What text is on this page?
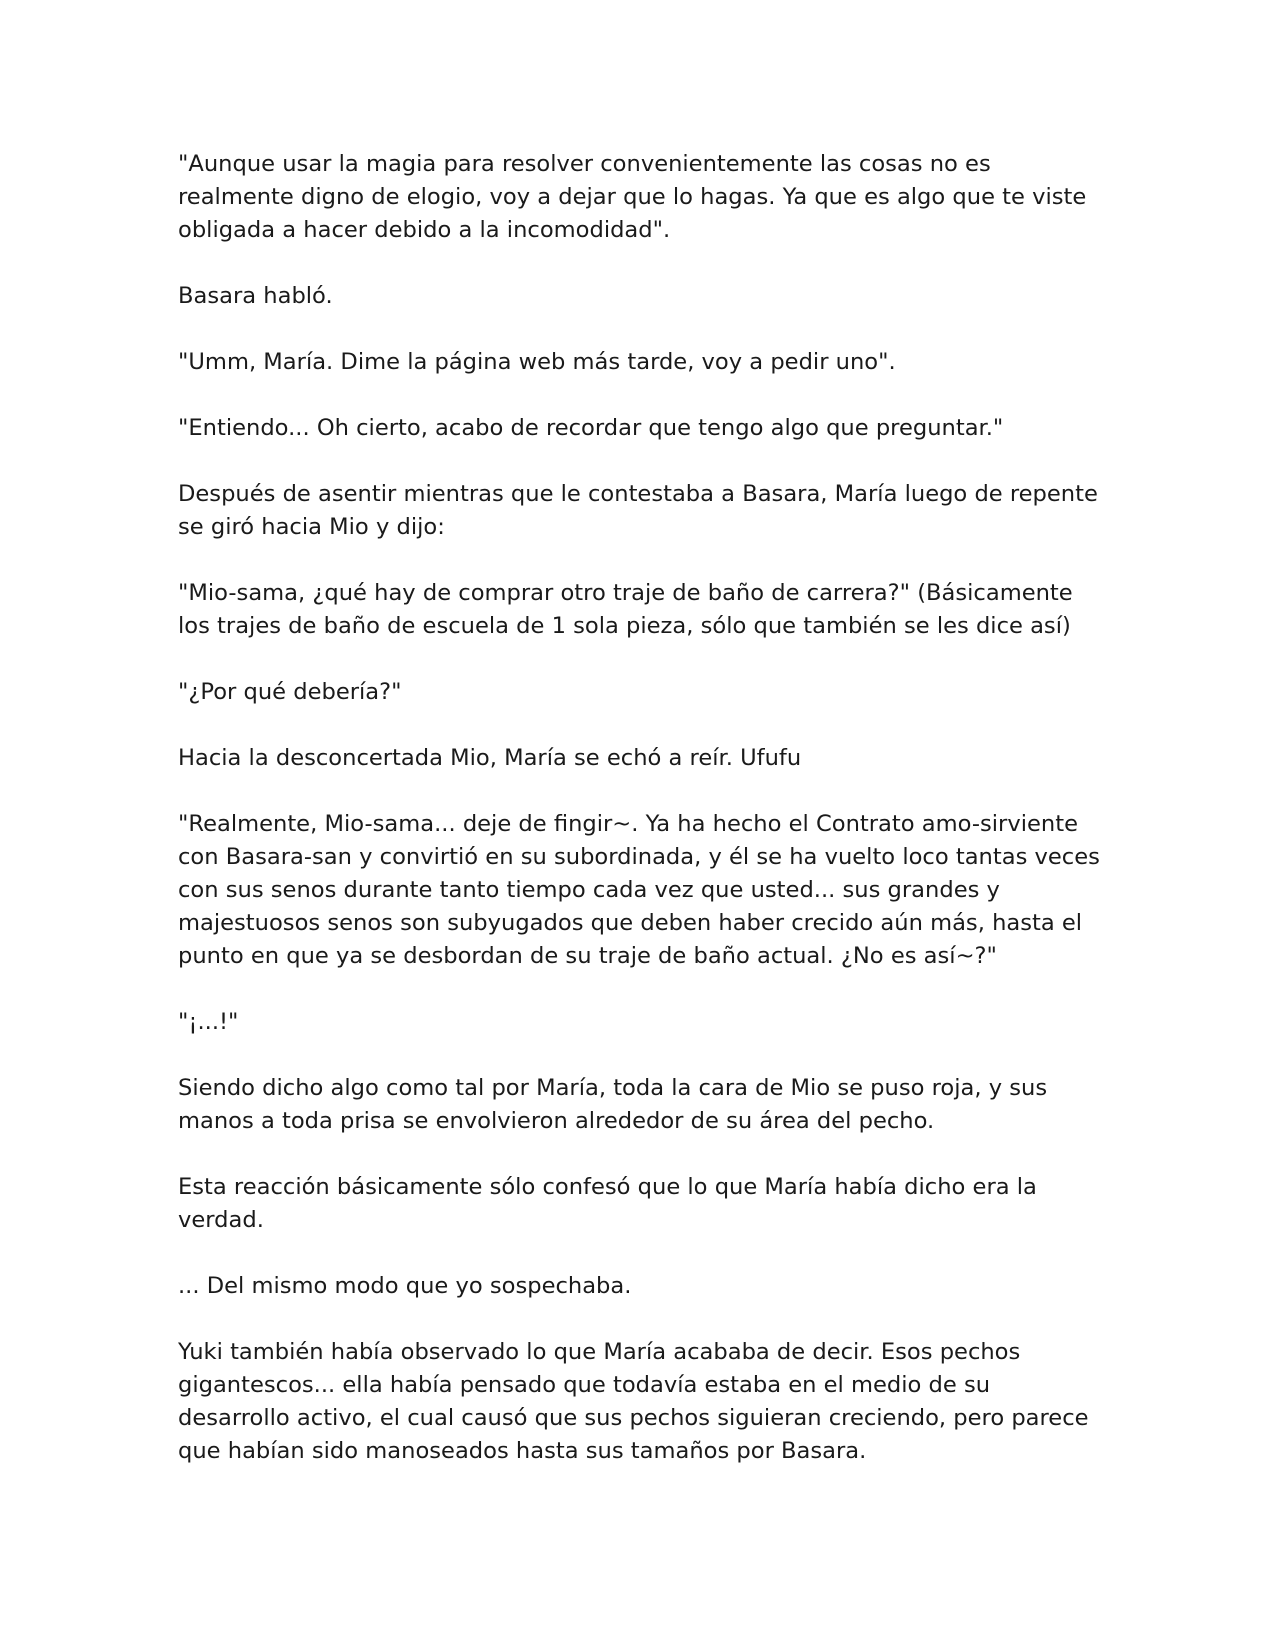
"Aunque usar la magia para resolver convenientemente las cosas no es realmente digno de elogio, voy a dejar que lo hagas. Ya que es algo que te viste obligada a hacer debido a la incomodidad".

Basara habló.

"Umm, María. Dime la página web más tarde, voy a pedir uno".

"Entiendo... Oh cierto, acabo de recordar que tengo algo que preguntar."

Después de asentir mientras que le contestaba a Basara, María luego de repente se giró hacia Mio y dijo:

"Mio-sama, ¿qué hay de comprar otro traje de baño de carrera?" (Básicamente los trajes de baño de escuela de 1 sola pieza, sólo que también se les dice así)

"¿Por qué debería?"

Hacia la desconcertada Mio, María se echó a reír. Ufufu

"Realmente, Mio-sama... deje de fingir~. Ya ha hecho el Contrato amo-sirviente con Basara-san y convirtió en su subordinada, y él se ha vuelto loco tantas veces con sus senos durante tanto tiempo cada vez que usted... sus grandes y majestuosos senos son subyugados que deben haber crecido aún más, hasta el punto en que ya se desbordan de su traje de baño actual. ¿No es así~?"

"¡...!"

Siendo dicho algo como tal por María, toda la cara de Mio se puso roja, y sus manos a toda prisa se envolvieron alrededor de su área del pecho.

Esta reacción básicamente sólo confesó que lo que María había dicho era la verdad.

... Del mismo modo que yo sospechaba.

Yuki también había observado lo que María acababa de decir. Esos pechos gigantescos... ella había pensado que todavía estaba en el medio de su desarrollo activo, el cual causó que sus pechos siguieran creciendo, pero parece que habían sido manoseados hasta sus tamaños por Basara.
